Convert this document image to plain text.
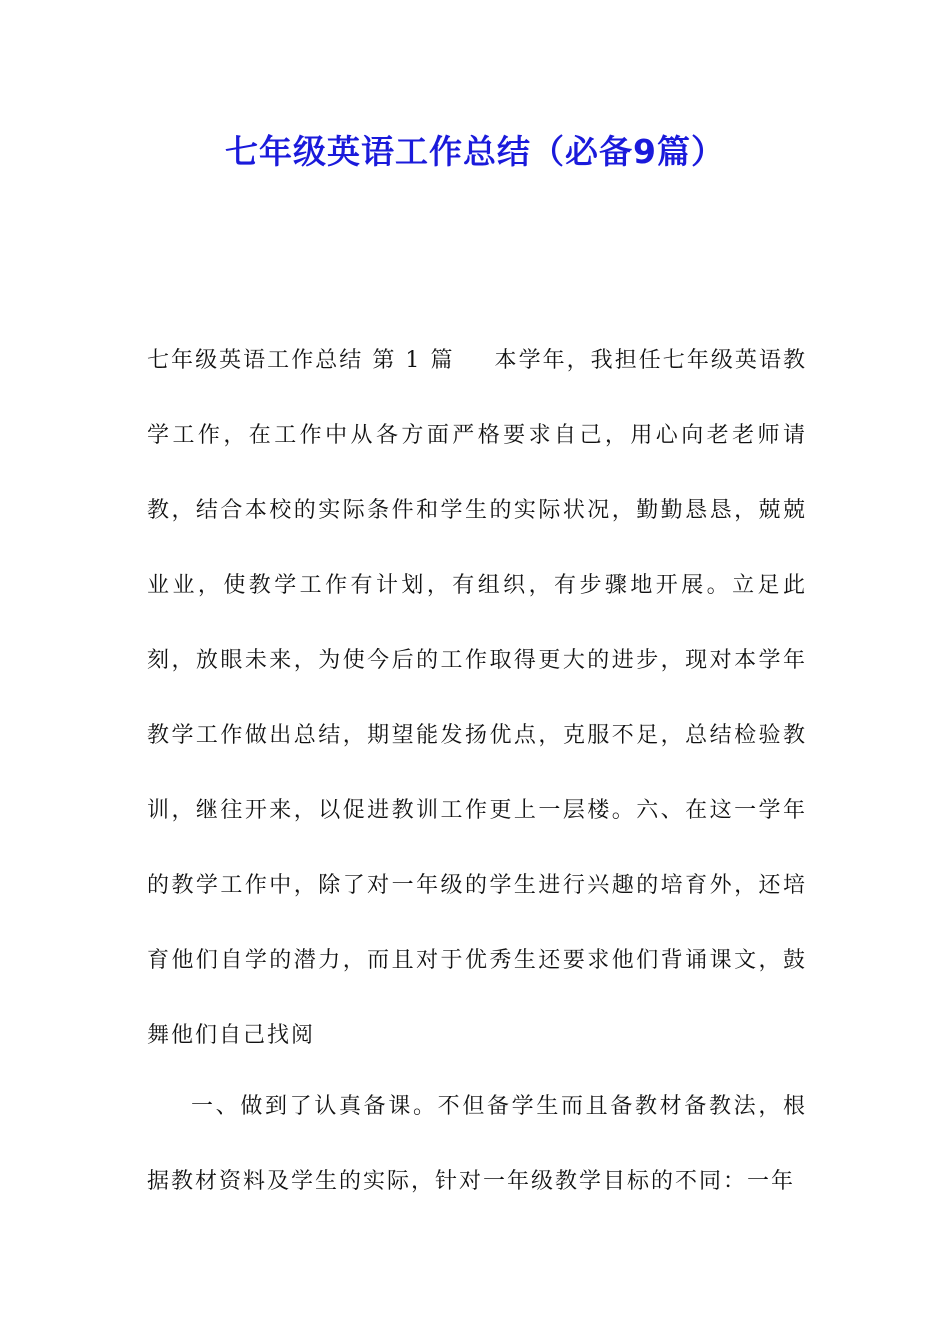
七年级英语工作总结（必备9篇）

七年级英语工作总结 第 1 篇 本学年，我担任七年级英语教学工作，在工作中从各方面严格要求自己，用心向老老师请教，结合本校的实际条件和学生的实际状况，勤勤恳恳，兢兢业业，使教学工作有计划，有组织，有步骤地开展。立足此刻，放眼未来，为使今后的工作取得更大的进步，现对本学年教学工作做出总结，期望能发扬优点，克服不足，总结检验教训，继往开来，以促进教训工作更上一层楼。六、在这一学年的教学工作中，除了对一年级的学生进行兴趣的培育外，还培育他们自学的潜力，而且对于优秀生还要求他们背诵课文，鼓舞他们自己找阅

一、做到了认真备课。不但备学生而且备教材备教法，根据教材资料及学生的实际，针对一年级教学目标的不同：一年
